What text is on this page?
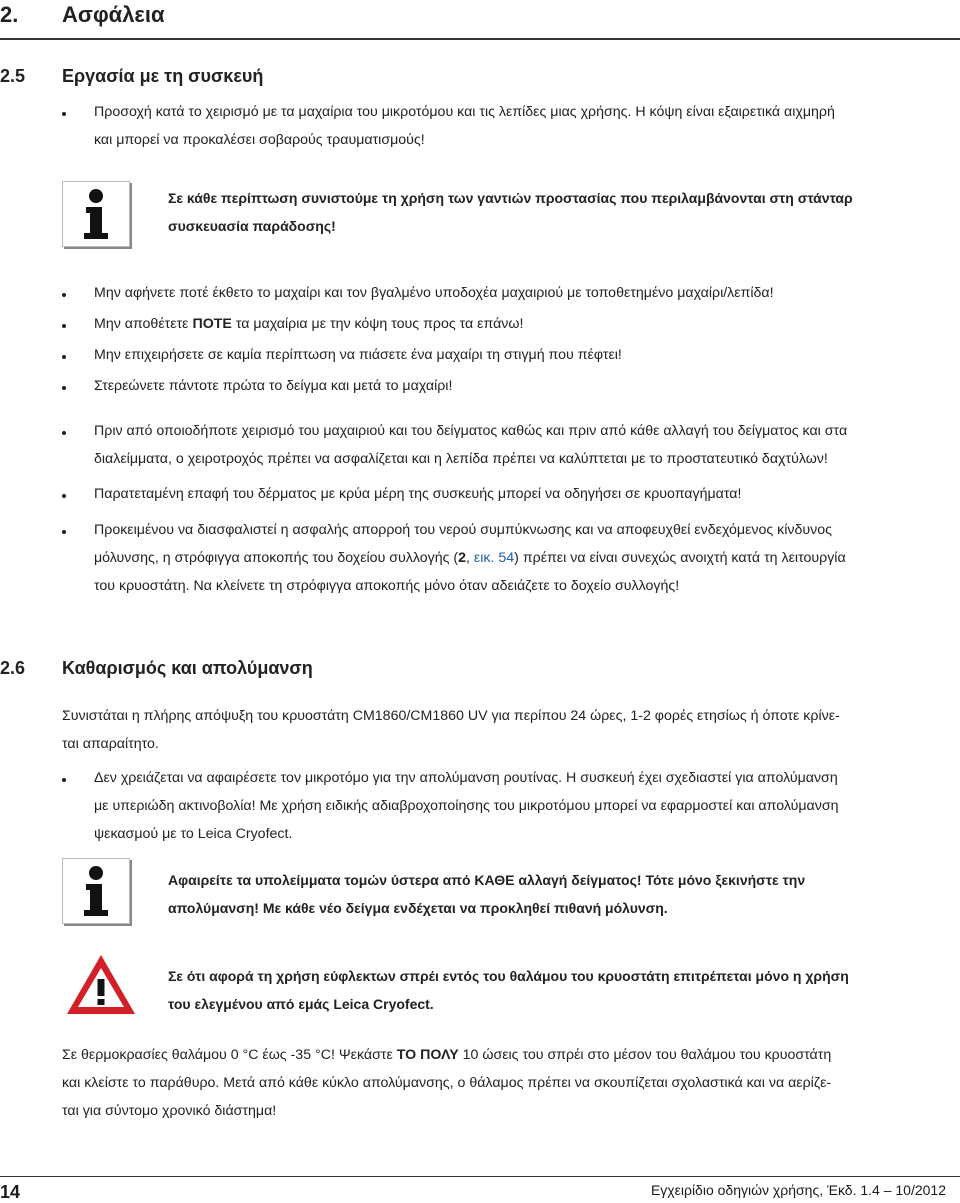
2. Ασφάλεια
2.5 Εργασία με τη συσκευή
Προσοχή κατά το χειρισμό με τα μαχαίρια του μικροτόμου και τις λεπίδες μιας χρήσης. Η κόψη είναι εξαιρετικά αιχμηρή
και μπορεί να προκαλέσει σοβαρούς τραυματισμούς!
Σε κάθε περίπτωση συνιστούμε τη χρήση των γαντιών προστασίας που περιλαμβάνονται στη στάνταρ
συσκευασία παράδοσης!
Μην αφήνετε ποτέ έκθετο το μαχαίρι και τον βγαλμένο υποδοχέα μαχαιριού με τοποθετημένο μαχαίρι/λεπίδα!
Μην αποθέτετε ΠΟΤΕ τα μαχαίρια με την κόψη τους προς τα επάνω!
Μην επιχειρήσετε σε καμία περίπτωση να πιάσετε ένα μαχαίρι τη στιγμή που πέφτει!
Στερεώνετε πάντοτε πρώτα το δείγμα και μετά το μαχαίρι!
Πριν από οποιοδήποτε χειρισμό του μαχαιριού και του δείγματος καθώς και πριν από κάθε αλλαγή του δείγματος και στα
διαλείμματα, ο χειροτροχός πρέπει να ασφαλίζεται και η λεπίδα πρέπει να καλύπτεται με το προστατευτικό δαχτύλων!
Παρατεταμένη επαφή του δέρματος με κρύα μέρη της συσκευής μπορεί να οδηγήσει σε κρυοπαγήματα!
Προκειμένου να διασφαλιστεί η ασφαλής απορροή του νερού συμπύκνωσης και να αποφευχθεί ενδεχόμενος κίνδυνος
μόλυνσης, η στρόφιγγα αποκοπής του δοχείου συλλογής (2, εικ. 54) πρέπει να είναι συνεχώς ανοιχτή κατά τη λειτουργία
του κρυοστάτη. Να κλείνετε τη στρόφιγγα αποκοπής μόνο όταν αδειάζετε το δοχείο συλλογής!
2.6 Καθαρισμός και απολύμανση
Συνιστάται η πλήρης απόψυξη του κρυοστάτη CM1860/CM1860 UV για περίπου 24 ώρες, 1-2 φορές ετησίως ή όποτε κρίνε-
ται απαραίτητο.
Δεν χρειάζεται να αφαιρέσετε τον μικροτόμο για την απολύμανση ρουτίνας. Η συσκευή έχει σχεδιαστεί για απολύμανση
με υπεριώδη ακτινοβολία! Με χρήση ειδικής αδιαβροχοποίησης του μικροτόμου μπορεί να εφαρμοστεί και απολύμανση
ψεκασμού με το Leica Cryofect.
Αφαιρείτε τα υπολείμματα τομών ύστερα από ΚΑΘΕ αλλαγή δείγματος! Τότε μόνο ξεκινήστε την
απολύμανση! Με κάθε νέο δείγμα ενδέχεται να προκληθεί πιθανή μόλυνση.
Σε ότι αφορά τη χρήση εύφλεκτων σπρέι εντός του θαλάμου του κρυοστάτη επιτρέπεται μόνο η χρήση
του ελεγμένου από εμάς Leica Cryofect.
Σε θερμοκρασίες θαλάμου 0 °C έως -35 °C! Ψεκάστε ΤΟ ΠΟΛΥ 10 ώσεις του σπρέι στο μέσον του θαλάμου του κρυοστάτη
και κλείστε το παράθυρο. Μετά από κάθε κύκλο απολύμανσης, ο θάλαμος πρέπει να σκουπίζεται σχολαστικά και να αερίζε-
ται για σύντομο χρονικό διάστημα!
14	Εγχειρίδιο οδηγιών χρήσης, Έκδ. 1.4 – 10/2012
